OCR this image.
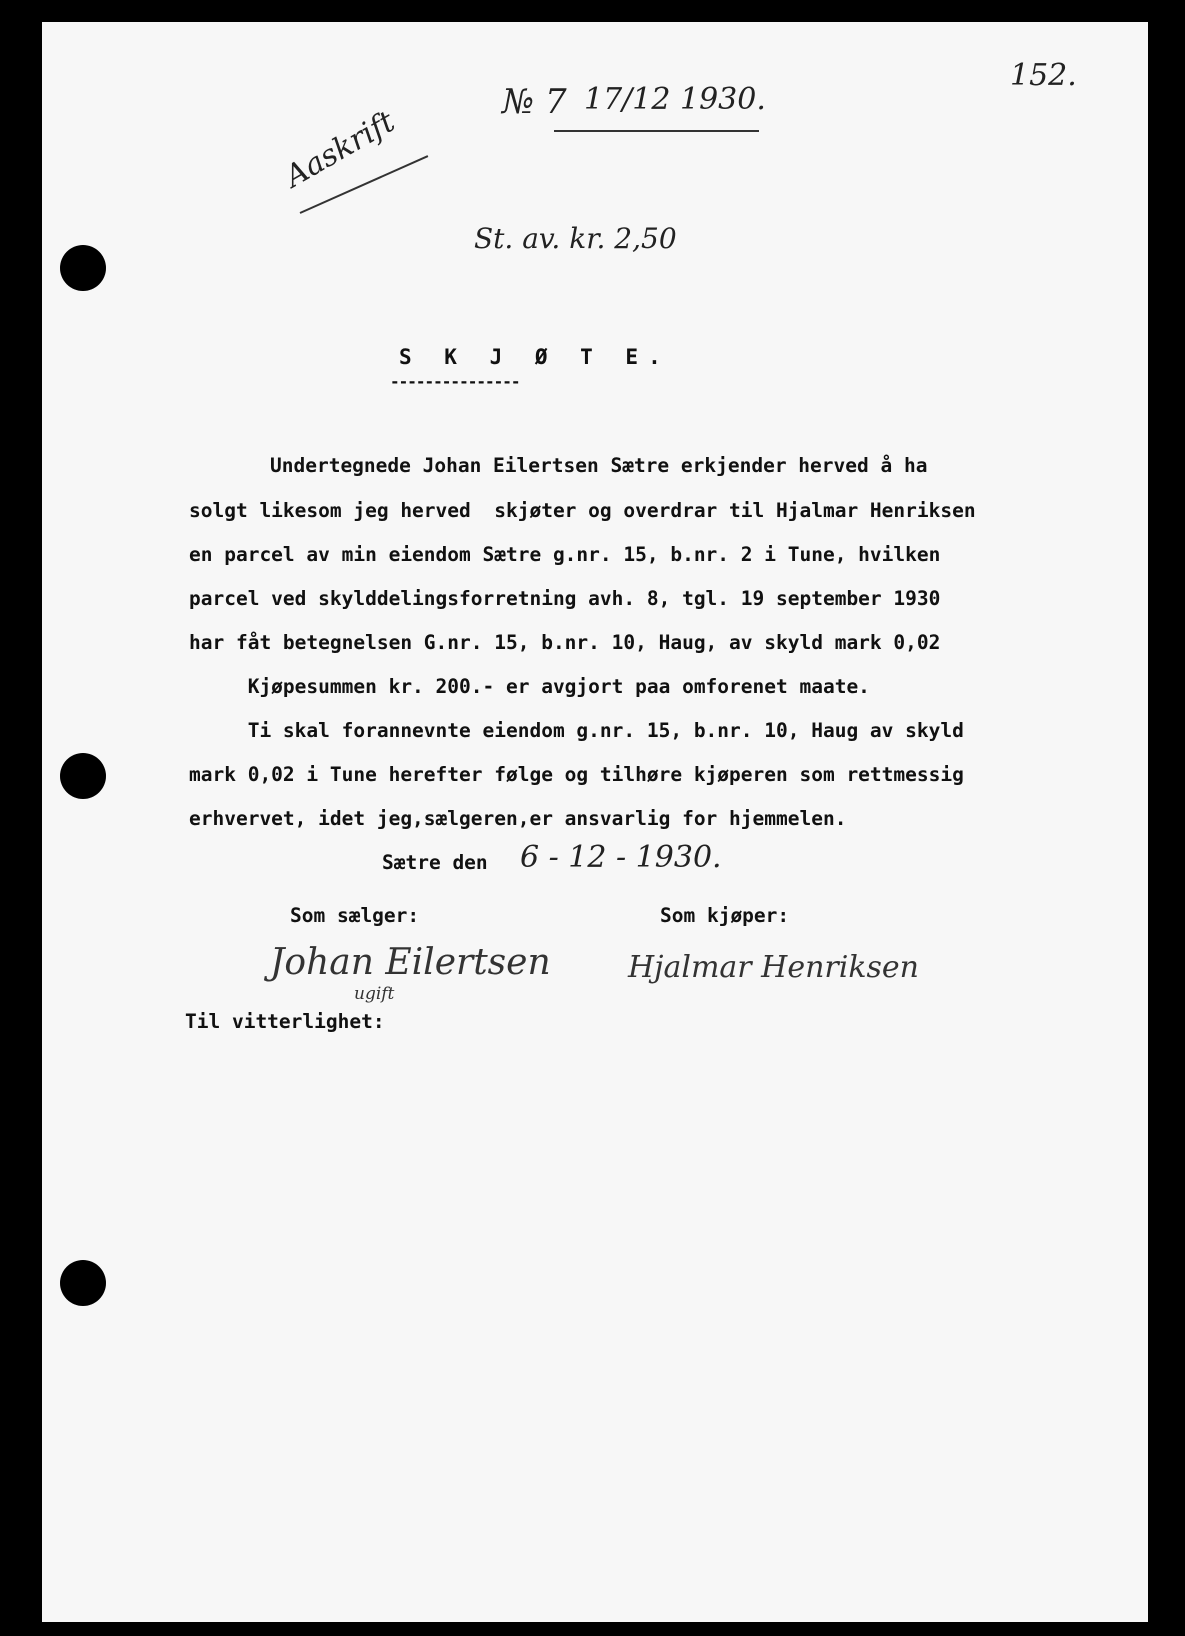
152.
№ 7 17/12 1930.
Aaskrift
St. av. kr. 2,50
S K J Ø T E.
---------------
Undertegnede Johan Eilertsen Sætre erkjender herved å ha
solgt likesom jeg herved  skjøter og overdrar til Hjalmar Henriksen
en parcel av min eiendom Sætre g.nr. 15, b.nr. 2 i Tune, hvilken
parcel ved skylddelingsforretning avh. 8, tgl. 19 september 1930
har fåt betegnelsen G.nr. 15, b.nr. 10, Haug, av skyld mark 0,02
Kjøpesummen kr. 200.- er avgjort paa omforenet maate.
Ti skal forannevnte eiendom g.nr. 15, b.nr. 10, Haug av skyld
mark 0,02 i Tune herefter følge og tilhøre kjøperen som rettmessig
erhvervet, idet jeg,sælgeren,er ansvarlig for hjemmelen.
Sætre den 6 - 12 - 1930.
Som sælger:	Som kjøper:
Johan Eilertsen
ugift
Hjalmar Henriksen
Til vitterlighet:
